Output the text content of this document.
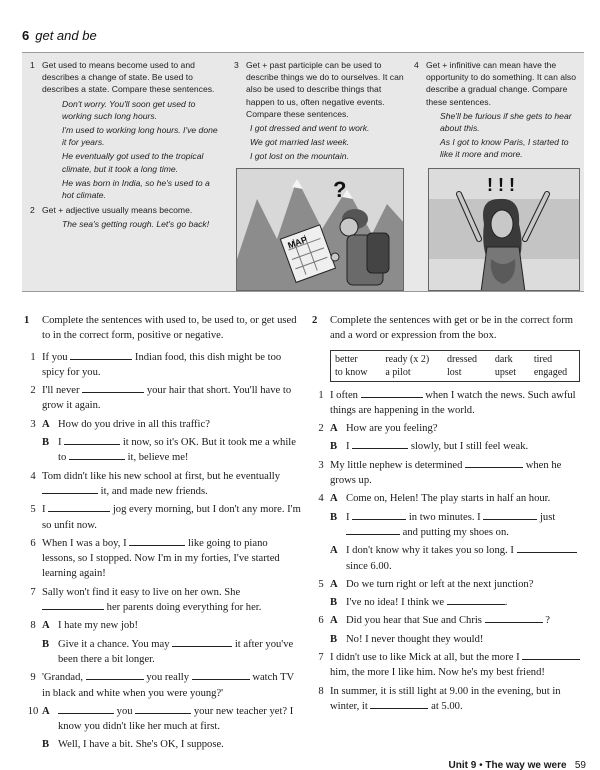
6 get and be
1 Get used to means become used to and describes a change of state. Be used to describes a state. Compare these sentences.

Don't worry. You'll soon get used to working such long hours.

I'm used to working long hours. I've done it for years.

He eventually got used to the tropical climate, but it took a long time.

He was born in India, so he's used to a hot climate.

2 Get + adjective usually means become.

The sea's getting rough. Let's go back!

3 Get + past participle can be used to describe things we do to ourselves. It can also be used to describe things that happen to us, often negative events. Compare these sentences.

I got dressed and went to work.

We got married last week.

I got lost on the mountain.

4 Get + infinitive can mean have the opportunity to do something. It can also describe a gradual change. Compare these sentences.

She'll be furious if she gets to hear about this.

As I got to know Paris, I started to like it more and more.

?
MAP
! ! !
1	Complete the sentences with used to, be used to, or get used to in the correct form, positive or negative.
1 If you	Indian food, this dish might be too spicy for you.
2 I'll never	your hair that short. You'll have to grow it again.
3 A How do you drive in all this traffic?
B I	it now, so it's OK. But it took me a while to	it, believe me!
4 Tom didn't like his new school at first, but he eventually  it, and made new friends.
5 I	jog every morning, but I don't any more. I'm so unfit now.
6 When I was a boy, I	like going to piano lessons, so I stopped. Now I'm in my forties, I've started learning again!
7 Sally won't find it easy to live on her own. She  her parents doing everything for her.
8 A I hate my new job!
B Give it a chance. You may	it after you've been there a bit longer.
9 'Grandad,	you really	watch TV in black and white when you were young?'
10 A	you	your new teacher yet? I know you didn't like her much at first.
B Well, I have a bit. She's OK, I suppose.
2	Complete the sentences with get or be in the correct form and a word or expression from the box.
better	ready (x 2)	dressed	dark	tired
to know	a pilot	lost	upset	engaged
1 I often	when I watch the news. Such awful things are happening in the world.
2 A How are you feeling?
B I	slowly, but I still feel weak.
3 My little nephew is determined	when he grows up.
4 A Come on, Helen! The play starts in half an hour.
B I	in two minutes. I	just  and putting my shoes on.
A I don't know why it takes you so long. I  since 6.00.
5 A Do we turn right or left at the next junction?
B I've no idea! I think we	.
6 A Did you hear that Sue and Chris	?
B No! I never thought they would!
7 I didn't use to like Mick at all, but the more I  him, the more I like him. Now he's my best friend!
8 In summer, it is still light at 9.00 in the evening, but in winter, it	at 5.00.
Unit 9 • The way we were 59
